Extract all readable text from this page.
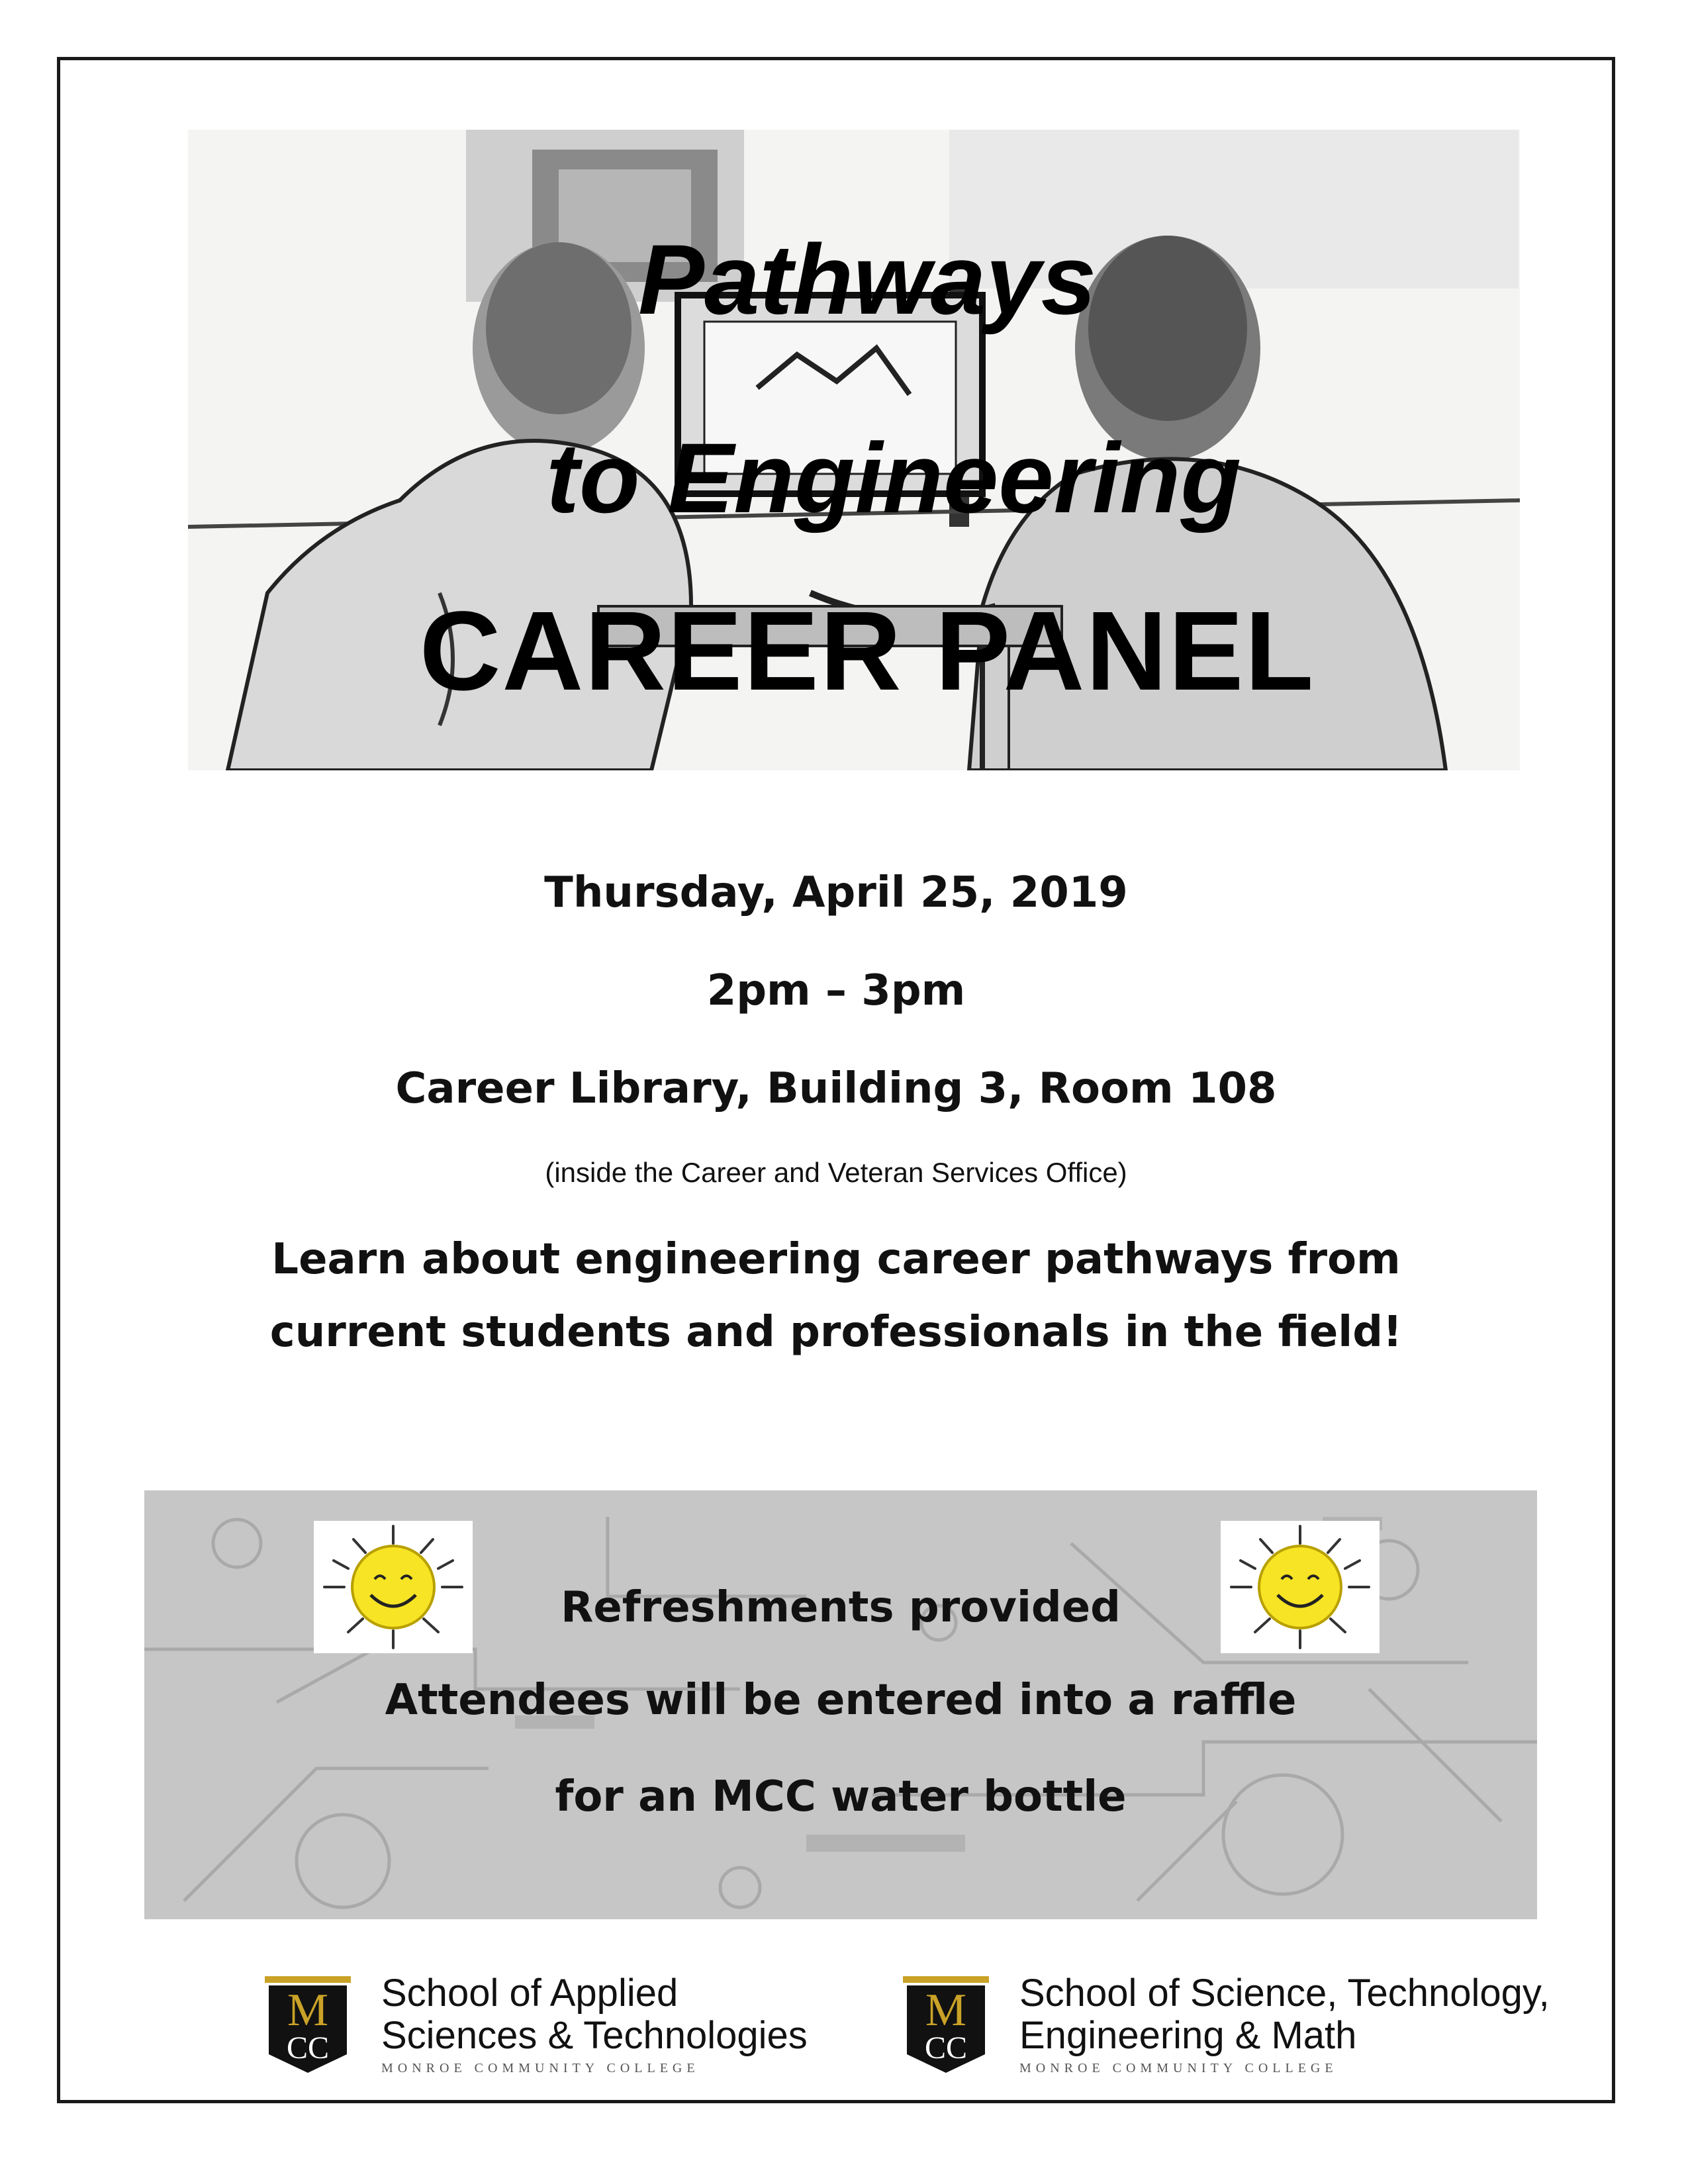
Pathways
to Engineering
CAREER PANEL
Thursday, April 25, 2019
2pm – 3pm
Career Library, Building 3, Room 108
(inside the Career and Veteran Services Office)
Learn about engineering career pathways from
current students and professionals in the field!
Refreshments provided
Attendees will be entered into a raffle
for an MCC water bottle
M
CC
School of Applied
Sciences & Technologies
MONROE COMMUNITY COLLEGE
M
CC
School of Science, Technology,
Engineering & Math
MONROE COMMUNITY COLLEGE
